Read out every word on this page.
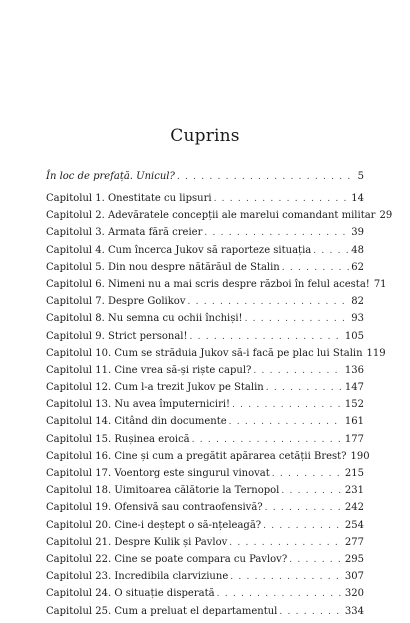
Cuprins
În loc de prefață. Unicul? . . .	5
Capitolul 1. Onestitate cu lipsuri . . .	14
Capitolul 2. Adevăratele concepții ale marelui comandant militar 29
Capitolul 3. Armata fără creier . . .	39
Capitolul 4. Cum încerca Jukov să raporteze situația . . .	48
Capitolul 5. Din nou despre nătărăul de Stalin . . .	62
Capitolul 6. Nimeni nu a mai scris despre război în felul acesta! 71
Capitolul 7. Despre Golikov . . .	82
Capitolul 8. Nu semna cu ochii închiși! . . .	93
Capitolul 9. Strict personal! . . .	105
Capitolul 10. Cum se străduia Jukov să-i facă pe plac lui Stalin 119
Capitolul 11. Cine vrea să-și riște capul? . . .	136
Capitolul 12. Cum l-a trezit Jukov pe Stalin . . .	147
Capitolul 13. Nu avea împuterniciri! . . .	152
Capitolul 14. Citând din documente . . .	161
Capitolul 15. Rușinea eroică . . .	177
Capitolul 16. Cine și cum a pregătit apărarea cetății Brest? 190
Capitolul 17. Voentorg este singurul vinovat . . .	215
Capitolul 18. Uimitoarea călătorie la Ternopol . . .	231
Capitolul 19. Ofensivă sau contraofensivă? . . .	242
Capitolul 20. Cine-i deștept o să-nțeleagă? . . .	254
Capitolul 21. Despre Kulik și Pavlov . . .	277
Capitolul 22. Cine se poate compara cu Pavlov? . . .	295
Capitolul 23. Incredibila clarviziune . . .	307
Capitolul 24. O situație disperată . . .	320
Capitolul 25. Cum a preluat el departamentul . . .	334
